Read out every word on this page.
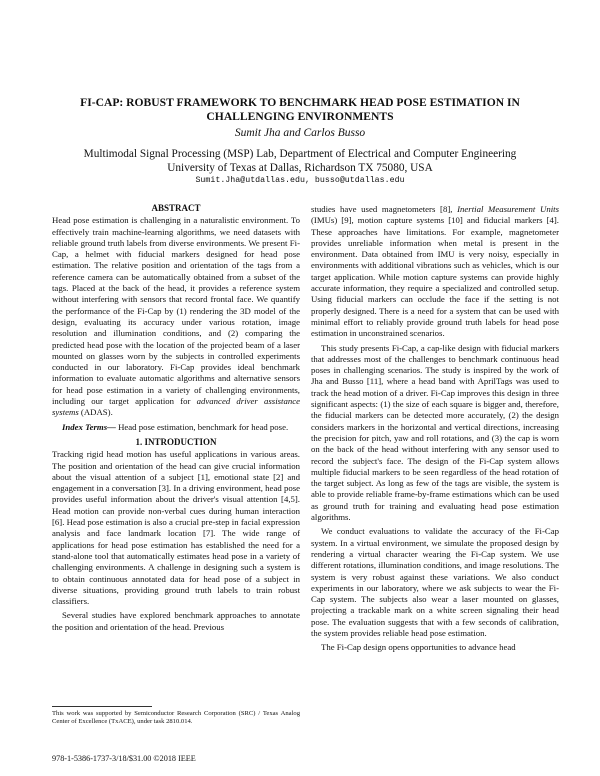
FI-CAP: ROBUST FRAMEWORK TO BENCHMARK HEAD POSE ESTIMATION IN
CHALLENGING ENVIRONMENTS
Sumit Jha and Carlos Busso
Multimodal Signal Processing (MSP) Lab, Department of Electrical and Computer Engineering
University of Texas at Dallas, Richardson TX 75080, USA
Sumit.Jha@utdallas.edu, busso@utdallas.edu
ABSTRACT

Head pose estimation is challenging in a naturalistic environment. To effectively train machine-learning algorithms, we need datasets with reliable ground truth labels from diverse environments. We present Fi-Cap, a helmet with fiducial markers designed for head pose estimation. The relative position and orientation of the tags from a reference camera can be automatically obtained from a subset of the tags. Placed at the back of the head, it provides a reference system without interfering with sensors that record frontal face. We quantify the performance of the Fi-Cap by (1) rendering the 3D model of the design, evaluating its accuracy under various rotation, image resolution and illumination conditions, and (2) comparing the predicted head pose with the location of the projected beam of a laser mounted on glasses worn by the subjects in controlled experiments conducted in our laboratory. Fi-Cap provides ideal benchmark information to evaluate automatic algorithms and alternative sensors for head pose estimation in a variety of challenging environments, including our target application for advanced driver assistance systems (ADAS).

Index Terms— Head pose estimation, benchmark for head pose.

1. INTRODUCTION

Tracking rigid head motion has useful applications in various areas. The position and orientation of the head can give crucial information about the visual attention of a subject [1], emotional state [2] and engagement in a conversation [3]. In a driving environment, head pose provides useful information about the driver's visual attention [4,5]. Head motion can provide non-verbal cues during human interaction [6]. Head pose estimation is also a crucial pre-step in facial expression analysis and face landmark location [7]. The wide range of applications for head pose estimation has established the need for a stand-alone tool that automatically estimates head pose in a variety of challenging environments. A challenge in designing such a system is to obtain continuous annotated data for head pose of a subject in diverse situations, providing ground truth labels to train robust classifiers.

Several studies have explored benchmark approaches to annotate the position and orientation of the head. Previous

studies have used magnetometers [8], Inertial Measurement Units (IMUs) [9], motion capture systems [10] and fiducial markers [4]. These approaches have limitations. For example, magnetometer provides unreliable information when metal is present in the environment. Data obtained from IMU is very noisy, especially in environments with additional vibrations such as vehicles, which is our target application. While motion capture systems can provide highly accurate information, they require a specialized and controlled setup. Using fiducial markers can occlude the face if the setting is not properly designed. There is a need for a system that can be used with minimal effort to reliably provide ground truth labels for head pose estimation in unconstrained scenarios.

This study presents Fi-Cap, a cap-like design with fiducial markers that addresses most of the challenges to benchmark continuous head poses in challenging scenarios. The study is inspired by the work of Jha and Busso [11], where a head band with AprilTags was used to track the head motion of a driver. Fi-Cap improves this design in three significant aspects: (1) the size of each square is bigger and, therefore, the fiducial markers can be detected more accurately, (2) the design considers markers in the horizontal and vertical directions, increasing the precision for pitch, yaw and roll rotations, and (3) the cap is worn on the back of the head without interfering with any sensor used to record the subject's face. The design of the Fi-Cap system allows multiple fiducial markers to be seen regardless of the head rotation of the target subject. As long as few of the tags are visible, the system is able to provide reliable frame-by-frame estimations which can be used as ground truth for training and evaluating head pose estimation algorithms.

We conduct evaluations to validate the accuracy of the Fi-Cap system. In a virtual environment, we simulate the proposed design by rendering a virtual character wearing the Fi-Cap system. We use different rotations, illumination conditions, and image resolutions. The system is very robust against these variations. We also conduct experiments in our laboratory, where we ask subjects to wear the Fi-Cap system. The subjects also wear a laser mounted on glasses, projecting a trackable mark on a white screen signaling their head pose. The evaluation suggests that with a few seconds of calibration, the system provides reliable head pose estimation.

The Fi-Cap design opens opportunities to advance head

This work was supported by Semiconductor Research Corporation (SRC) / Texas Analog Center of Excellence (TxACE), under task 2810.014.
978-1-5386-1737-3/18/$31.00 ©2018 IEEE
